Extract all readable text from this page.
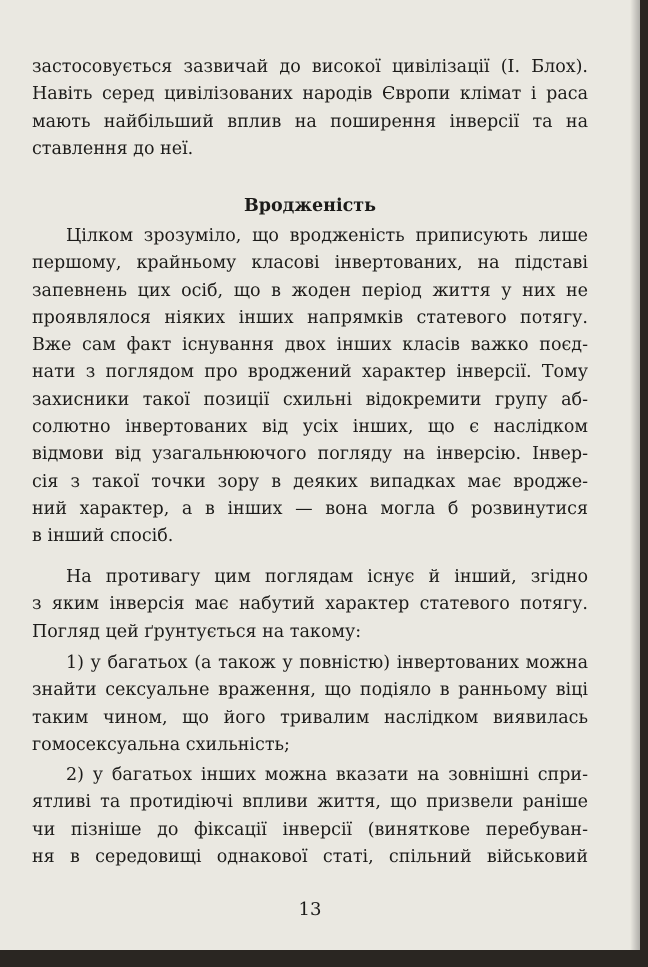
застосовується зазвичай до високої цивілізації (І. Блох).
Навіть серед цивілізованих народів Європи клімат і раса
мають найбільший вплив на поширення інверсії та на
ставлення до неї.
Вродженість
Цілком зрозуміло, що вродженість приписують лише
першому, крайньому класові інвертованих, на підставі
запевнень цих осіб, що в жоден період життя у них не
проявлялося ніяких інших напрямків статевого потягу.
Вже сам факт існування двох інших класів важко поєд-
нати з поглядом про вроджений характер інверсії. Тому
захисники такої позиції схильні відокремити групу аб-
солютно інвертованих від усіх інших, що є наслідком
відмови від узагальнюючого погляду на інверсію. Інвер-
сія з такої точки зору в деяких випадках має вродже-
ний характер, а в інших — вона могла б розвинутися
в інший спосіб.
На противагу цим поглядам існує й інший, згідно
з яким інверсія має набутий характер статевого потягу.
Погляд цей ґрунтується на такому:
1) у багатьох (а також у повністю) інвертованих можна
знайти сексуальне враження, що подіяло в ранньому віці
таким чином, що його тривалим наслідком виявилась
гомосексуальна схильність;
2) у багатьох інших можна вказати на зовнішні спри-
ятливі та протидіючі впливи життя, що призвели раніше
чи пізніше до фіксації інверсії (виняткове перебуван-
ня в середовищі однакової статі, спільний військовий
13
